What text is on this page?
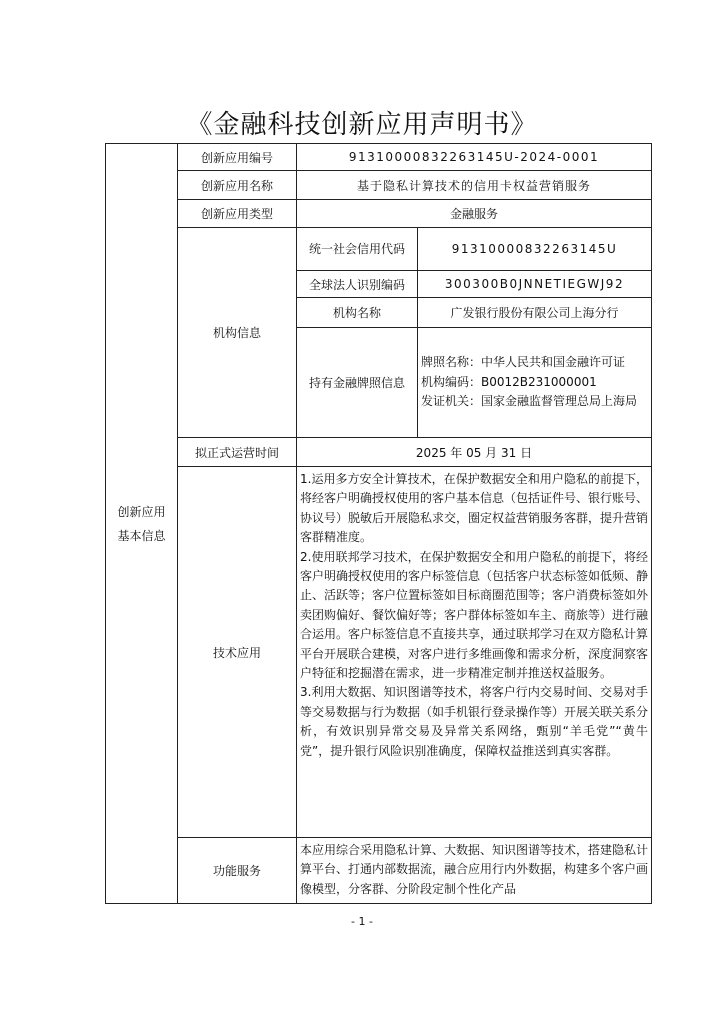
《金融科技创新应用声明书》
创新应用
基本信息	创新应用编号	91310000832263145U-2024-0001	
	创新应用名称	基于隐私计算技术的信用卡权益营销服务	
	创新应用类型	金融服务	
	机构信息	统一社会信用代码	91310000832263145U
		全球法人识别编码	300300B0JNNETIEGWJ92
		机构名称	广发银行股份有限公司上海分行
		持有金融牌照信息	牌照名称：中华人民共和国金融许可证
机构编码：B0012B231000001
发证机关：国家金融监督管理总局上海局

	拟正式运营时间	2025 年 05 月 31 日	
	技术应用	1.运用多方安全计算技术，在保护数据安全和用户隐私的前提下，将经客户明确授权使用的客户基本信息（包括证件号、银行账号、协议号）脱敏后开展隐私求交，圈定权益营销服务客群，提升营销客群精准度。
2.使用联邦学习技术，在保护数据安全和用户隐私的前提下，将经客户明确授权使用的客户标签信息（包括客户状态标签如低频、静止、活跃等；客户位置标签如目标商圈范围等；客户消费标签如外卖团购偏好、餐饮偏好等；客户群体标签如车主、商旅等）进行融合运用。客户标签信息不直接共享，通过联邦学习在双方隐私计算平台开展联合建模，对客户进行多维画像和需求分析，深度洞察客户特征和挖掘潜在需求，进一步精准定制并推送权益服务。
3.利用大数据、知识图谱等技术，将客户行内交易时间、交易对手等交易数据与行为数据（如手机银行登录操作等）开展关联关系分析，有效识别异常交易及异常关系网络，甄别“羊毛党”“黄牛党”，提升银行风险识别准确度，保障权益推送到真实客群。	

	功能服务	本应用综合采用隐私计算、大数据、知识图谱等技术，搭建隐私计算平台、打通内部数据流，融合应用行内外数据，构建多个客户画像模型，分客群、分阶段定制个性化产品	
- 1 -
